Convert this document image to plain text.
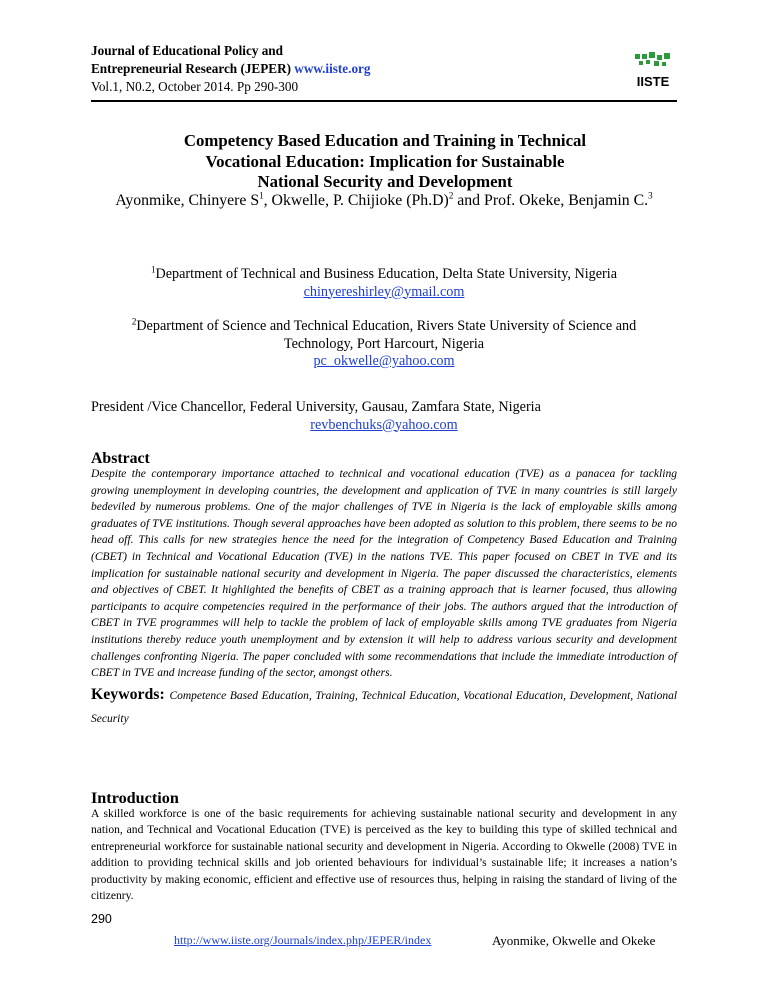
Journal of Educational Policy and
Entrepreneurial Research (JEPER) www.iiste.org
Vol.1, N0.2, October 2014. Pp 290-300	IISTE
Competency Based Education and Training in Technical
Vocational Education: Implication for Sustainable
National Security and Development
Ayonmike, Chinyere $S^1$, Okwelle, P. Chijioke $(Ph.D)^2$ and Prof. Okeke, Benjamin C.$^3$
$^1$Department of Technical and Business Education, Delta State University, Nigeria
chinyereshirley@ymail.com
$^2$Department of Science and Technical Education, Rivers State University of Science and
Technology, Port Harcourt, Nigeria
pc_okwelle@yahoo.com
President /Vice Chancellor, Federal University, Gausau, Zamfara State, Nigeria
revbenchuks@yahoo.com
Abstract
Despite the contemporary importance attached to technical and vocational education (TVE) as a panacea for tackling growing unemployment in developing countries, the development and application of TVE in many countries is still largely bedeviled by numerous problems. One of the major challenges of TVE in Nigeria is the lack of employable skills among graduates of TVE institutions. Though several approaches have been adopted as solution to this problem, there seems to be no head off. This calls for new strategies hence the need for the integration of Competency Based Education and Training (CBET) in Technical and Vocational Education (TVE) in the nations TVE. This paper focused on CBET in TVE and its implication for sustainable national security and development in Nigeria. The paper discussed the characteristics, elements and objectives of CBET. It highlighted the benefits of CBET as a training approach that is learner focused, thus allowing participants to acquire competencies required in the performance of their jobs. The authors argued that the introduction of CBET in TVE programmes will help to tackle the problem of lack of employable skills among TVE graduates from Nigeria institutions thereby reduce youth unemployment and by extension it will help to address various security and development challenges confronting Nigeria. The paper concluded with some recommendations that include the immediate introduction of CBET in TVE and increase funding of the sector, amongst others.
Keywords: Competence Based Education, Training, Technical Education, Vocational Education, Development, National Security
Introduction
A skilled workforce is one of the basic requirements for achieving sustainable national security and development in any nation, and Technical and Vocational Education (TVE) is perceived as the key to building this type of skilled technical and entrepreneurial workforce for sustainable national security and development in Nigeria. According to Okwelle (2008) TVE in addition to providing technical skills and job oriented behaviours for individual’s sustainable life; it increases a nation’s productivity by making economic, efficient and effective use of resources thus, helping in raising the standard of living of the citizenry.
290
http://www.iiste.org/Journals/index.php/JEPER/index	Ayonmike, Okwelle and Okeke
